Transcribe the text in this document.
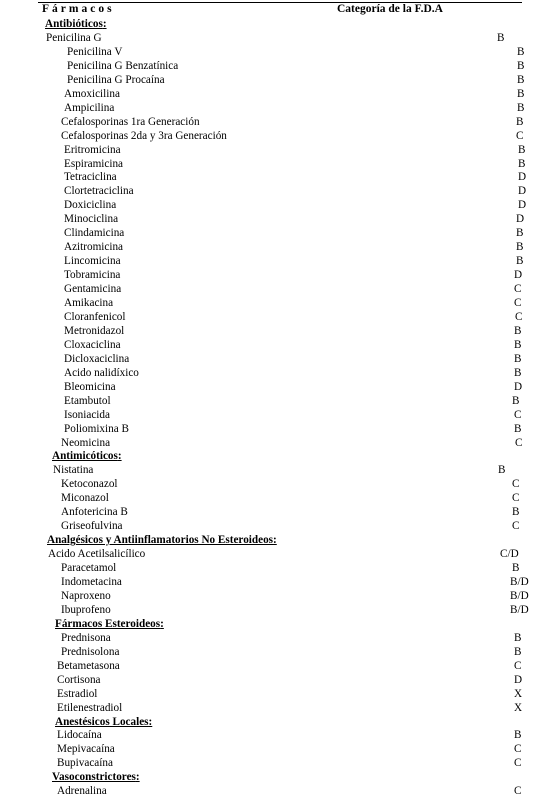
Fármacos	Categoría de la F.D.A
Antibióticos:
Penicilina G	B
Penicilina V	B
Penicilina G Benzatínica	B
Penicilina G Procaína	B
Amoxicilina	B
Ampicilina	B
Cefalosporinas 1ra Generación	B
Cefalosporinas 2da y 3ra Generación	C
Eritromicina	B
Espiramicina	B
Tetraciclina	D
Clortetraciclina	D
Doxiciclina	D
Minociclina	D
Clindamicina	B
Azitromicina	B
Lincomicina	B
Tobramicina	D
Gentamicina	C
Amikacina	C
Cloranfenicol	C
Metronidazol	B
Cloxaciclina	B
Dicloxaciclina	B
Acido nalidíxico	B
Bleomicina	D
Etambutol	B
Isoniacida	C
Poliomixina B	B
Neomicina	C
Antimicóticos:
Nistatina	B
Ketoconazol	C
Miconazol	C
Anfotericina B	B
Griseofulvina	C
Analgésicos y Antiinflamatorios No Esteroideos:
Acido Acetilsalicílico	C/D
Paracetamol	B
Indometacina	B/D
Naproxeno	B/D
Ibuprofeno	B/D
Fármacos Esteroideos:
Prednisona	B
Prednisolona	B
Betametasona	C
Cortisona	D
Estradiol	X
Etilenestradiol	X
Anestésicos Locales:
Lidocaína	B
Mepivacaína	C
Bupivacaína	C
Vasoconstrictores:
Adrenalina	C
